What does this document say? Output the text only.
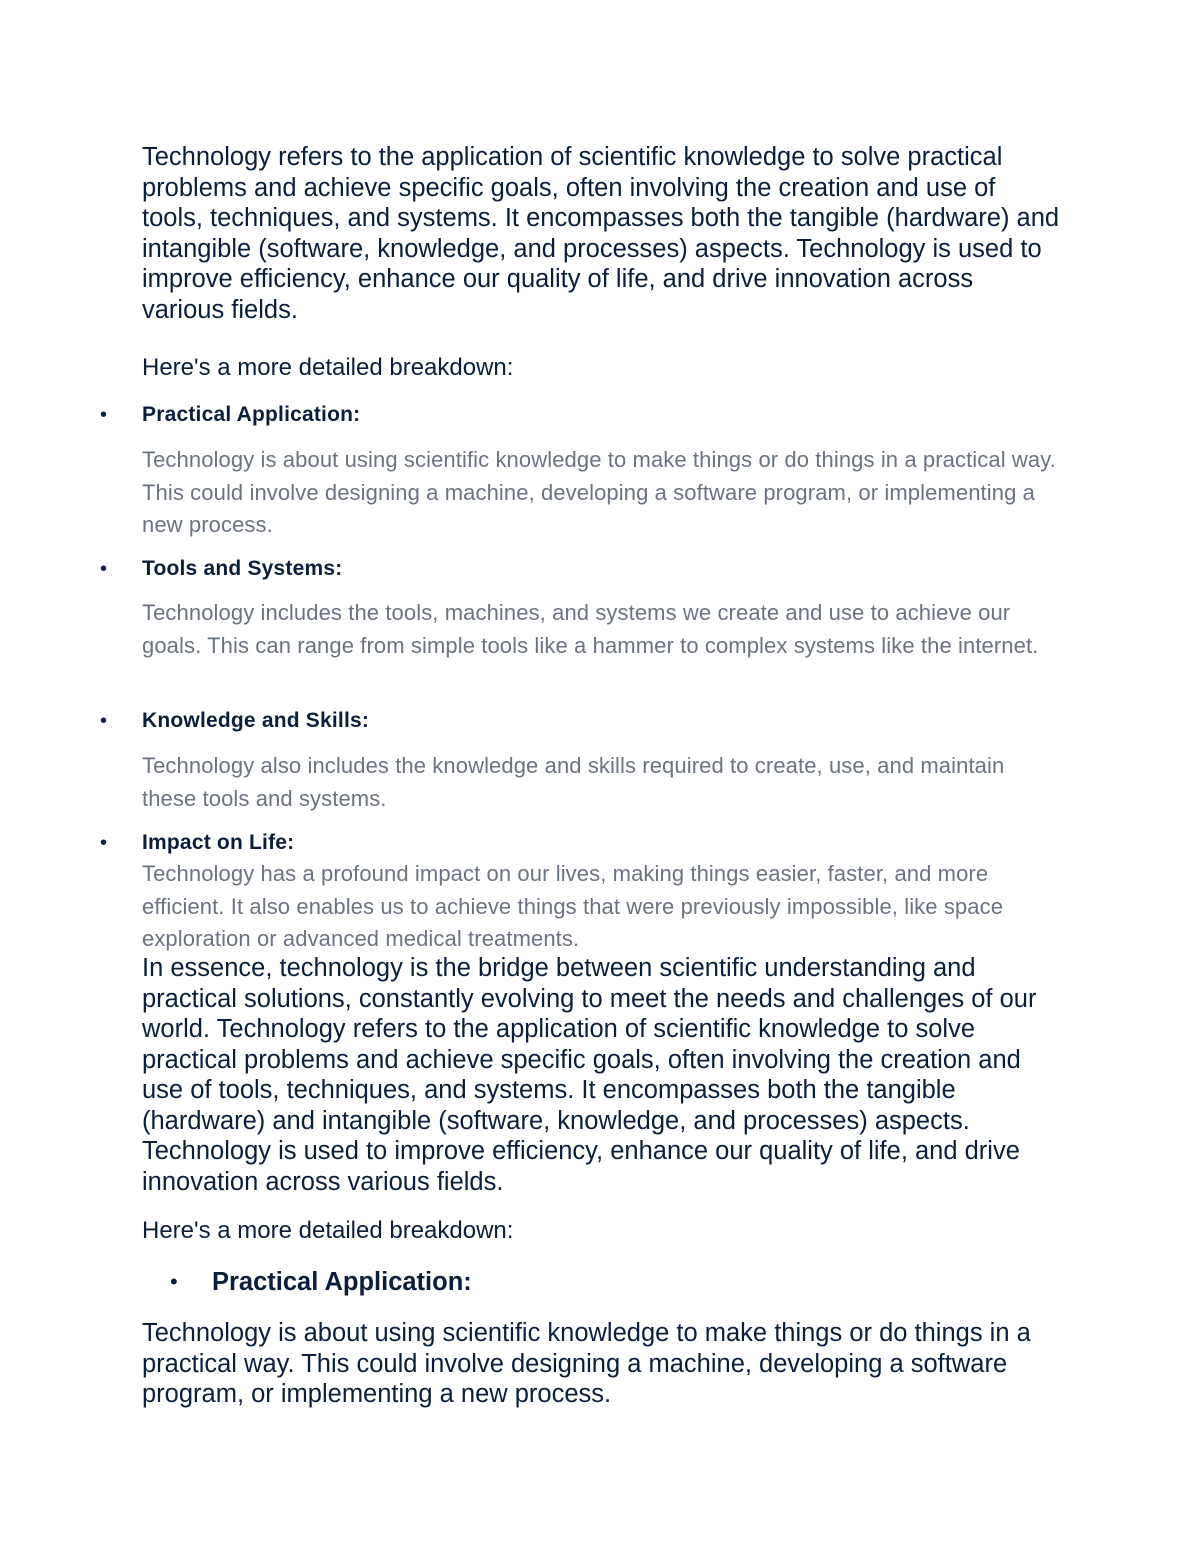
Technology refers to the application of scientific knowledge to solve practical problems and achieve specific goals, often involving the creation and use of tools, techniques, and systems. It encompasses both the tangible (hardware) and intangible (software, knowledge, and processes) aspects. Technology is used to improve efficiency, enhance our quality of life, and drive innovation across various fields.

Here's a more detailed breakdown:

•	Practical Application:

Technology is about using scientific knowledge to make things or do things in a practical way. This could involve designing a machine, developing a software program, or implementing a new process.

•	Tools and Systems:

Technology includes the tools, machines, and systems we create and use to achieve our goals. This can range from simple tools like a hammer to complex systems like the internet.

•	Knowledge and Skills:

Technology also includes the knowledge and skills required to create, use, and maintain these tools and systems.

•	Impact on Life:

Technology has a profound impact on our lives, making things easier, faster, and more efficient. It also enables us to achieve things that were previously impossible, like space exploration or advanced medical treatments.

In essence, technology is the bridge between scientific understanding and practical solutions, constantly evolving to meet the needs and challenges of our world. Technology refers to the application of scientific knowledge to solve practical problems and achieve specific goals, often involving the creation and use of tools, techniques, and systems. It encompasses both the tangible (hardware) and intangible (software, knowledge, and processes) aspects. Technology is used to improve efficiency, enhance our quality of life, and drive innovation across various fields.

Here's a more detailed breakdown:

• Practical Application:

Technology is about using scientific knowledge to make things or do things in a practical way. This could involve designing a machine, developing a software program, or implementing a new process.
